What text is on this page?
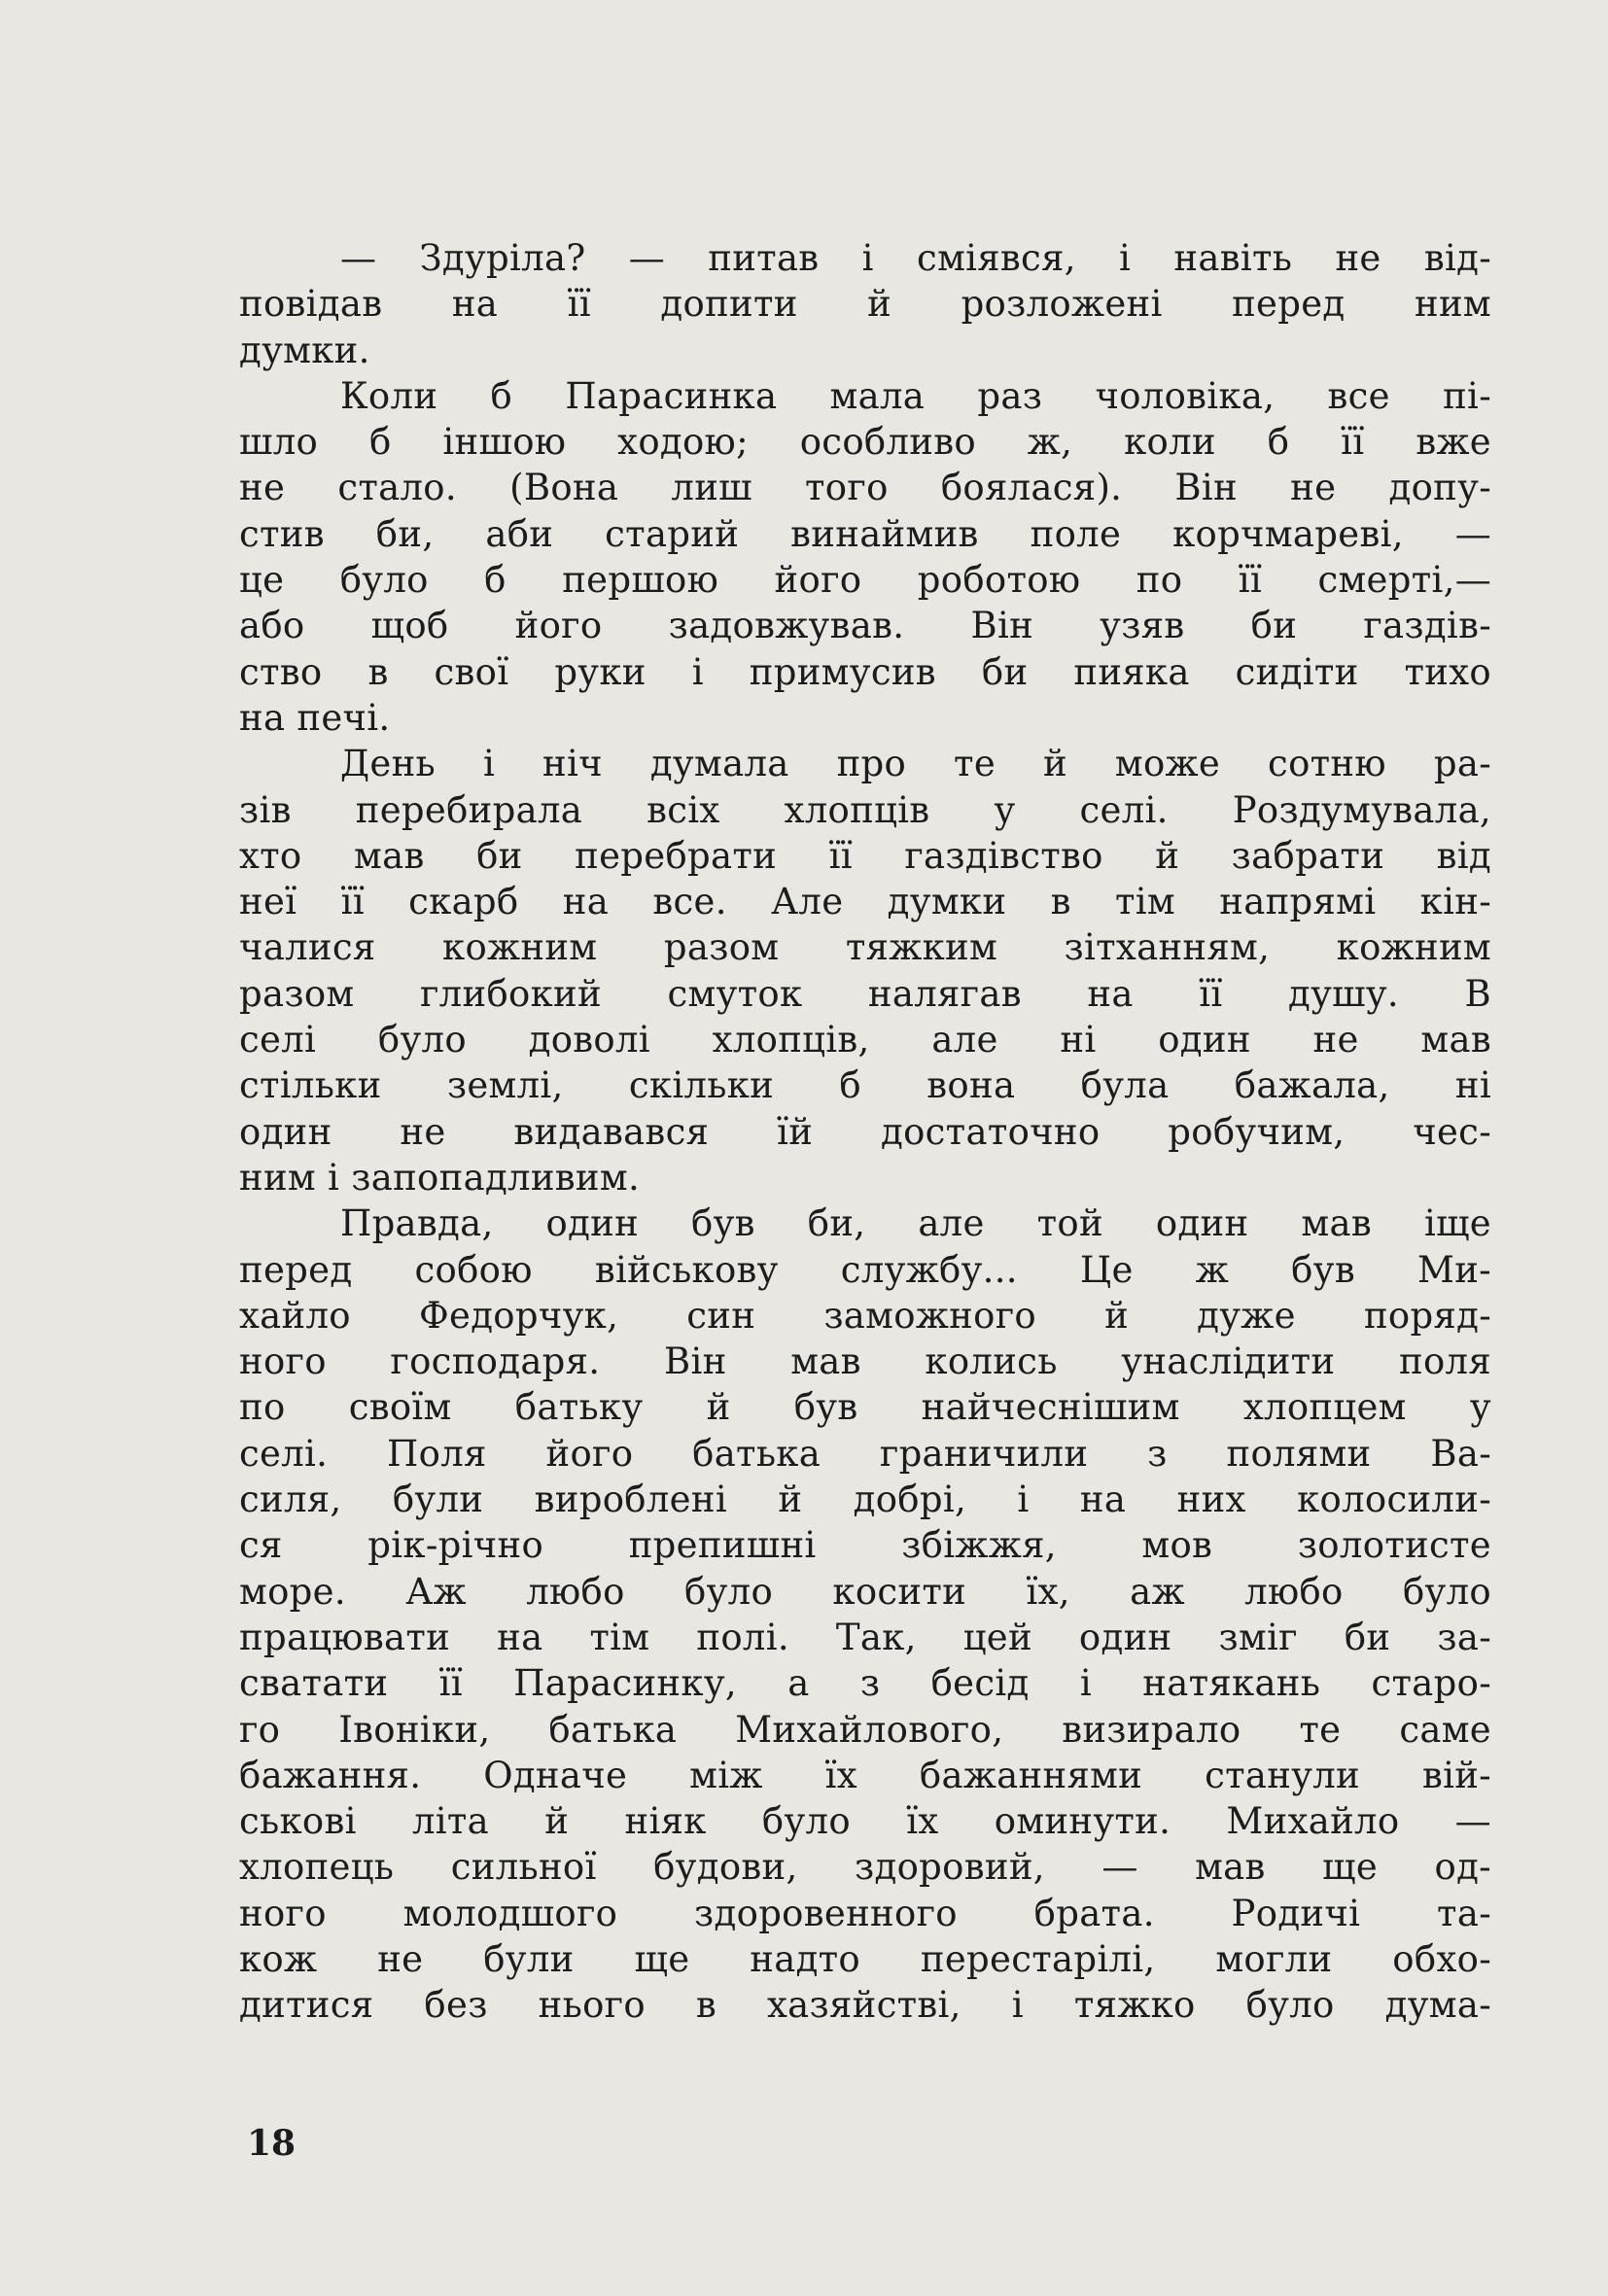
— Здуріла? — питав і сміявся, і навіть не від-
повідав на її допити й розложені перед ним
думки.
Коли б Парасинка мала раз чоловіка, все пі-
шло б іншою ходою; особливо ж, коли б її вже
не стало. (Вона лиш того боялася). Він не допу-
стив би, аби старий винаймив поле корчмареві, —
це було б першою його роботою по її смерті,—
або щоб його задовжував. Він узяв би газдів-
ство в свої руки і примусив би пияка сидіти тихо
на печі.
День і ніч думала про те й може сотню ра-
зів перебирала всіх хлопців у селі. Роздумувала,
хто мав би перебрати її газдівство й забрати від
неї її скарб на все. Але думки в тім напрямі кін-
чалися кожним разом тяжким зітханням, кожним
разом глибокий смуток налягав на її душу. В
селі було доволі хлопців, але ні один не мав
стільки землі, скільки б вона була бажала, ні
один не видавався їй достаточно робучим, чес-
ним і запопадливим.
Правда, один був би, але той один мав іще
перед собою військову службу... Це ж був Ми-
хайло Федорчук, син заможного й дуже поряд-
ного господаря. Він мав колись унаслідити поля
по своїм батьку й був найчеснішим хлопцем у
селі. Поля його батька граничили з полями Ва-
силя, були вироблені й добрі, і на них колосили-
ся рік-річно препишні збіжжя, мов золотисте
море. Аж любо було косити їх, аж любо було
працювати на тім полі. Так, цей один зміг би за-
сватати її Парасинку, а з бесід і натякань старо-
го Івоніки, батька Михайлового, визирало те саме
бажання. Одначе між їх бажаннями станули вій-
ськові літа й ніяк було їх оминути. Михайло —
хлопець сильної будови, здоровий, — мав ще од-
ного молодшого здоровенного брата. Родичі та-
кож не були ще надто перестарілі, могли обхо-
дитися без нього в хазяйстві, і тяжко було дума-
18
